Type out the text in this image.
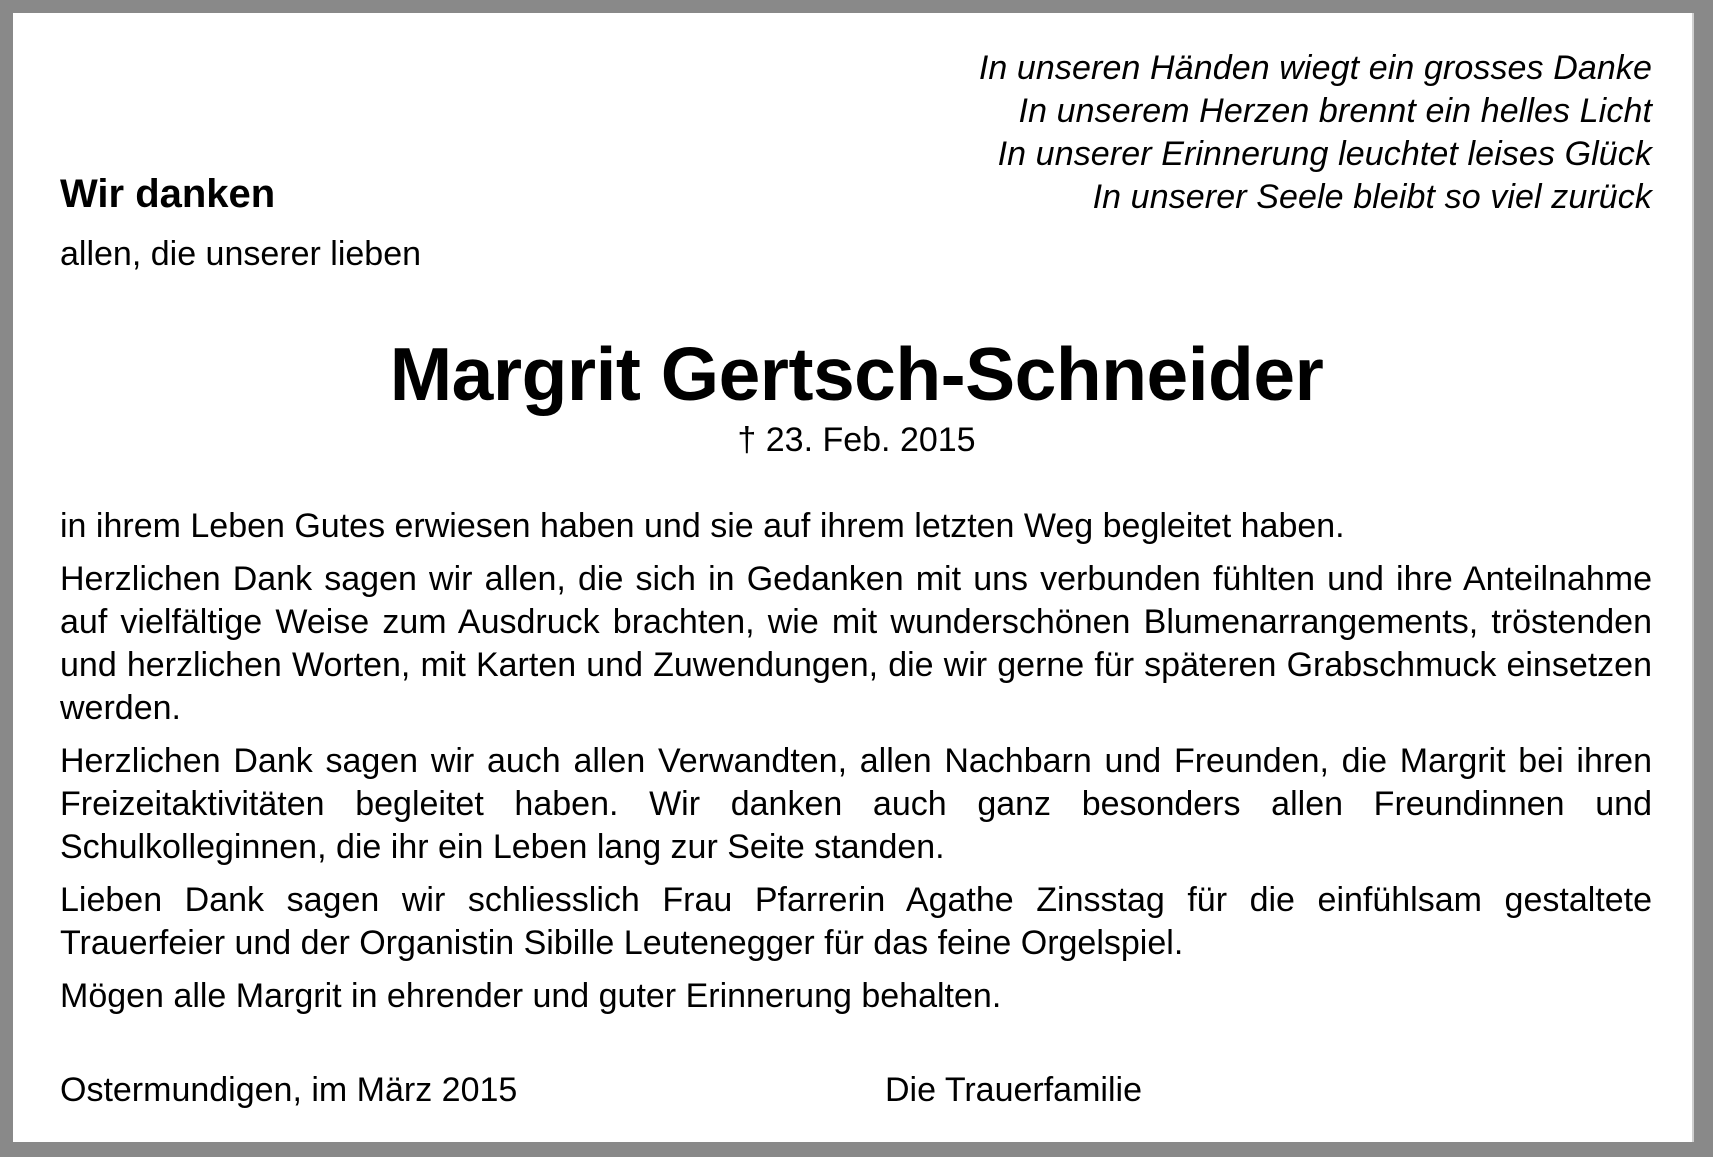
In unseren Händen wiegt ein grosses Danke
In unserem Herzen brennt ein helles Licht
In unserer Erinnerung leuchtet leises Glück
In unserer Seele bleibt so viel zurück
Wir danken
allen, die unserer lieben
Margrit Gertsch-Schneider
† 23. Feb. 2015

in ihrem Leben Gutes erwiesen haben und sie auf ihrem letzten Weg begleitet haben.

Herzlichen Dank sagen wir allen, die sich in Gedanken mit uns verbunden fühlten und ihre Anteilnahme auf vielfältige Weise zum Ausdruck brachten, wie mit wunderschönen Blumenarrangements, tröstenden und herzlichen Worten, mit Karten und Zuwendungen, die wir gerne für späteren Grabschmuck einsetzen werden.

Herzlichen Dank sagen wir auch allen Verwandten, allen Nachbarn und Freunden, die Margrit bei ihren Freizeitaktivitäten begleitet haben. Wir danken auch ganz besonders allen Freundinnen und Schulkolleginnen, die ihr ein Leben lang zur Seite standen.

Lieben Dank sagen wir schliesslich Frau Pfarrerin Agathe Zinsstag für die einfühlsam gestaltete Trauerfeier und der Organistin Sibille Leutenegger für das feine Orgelspiel.

Mögen alle Margrit in ehrender und guter Erinnerung behalten.

Ostermundigen, im März 2015	Die Trauerfamilie
